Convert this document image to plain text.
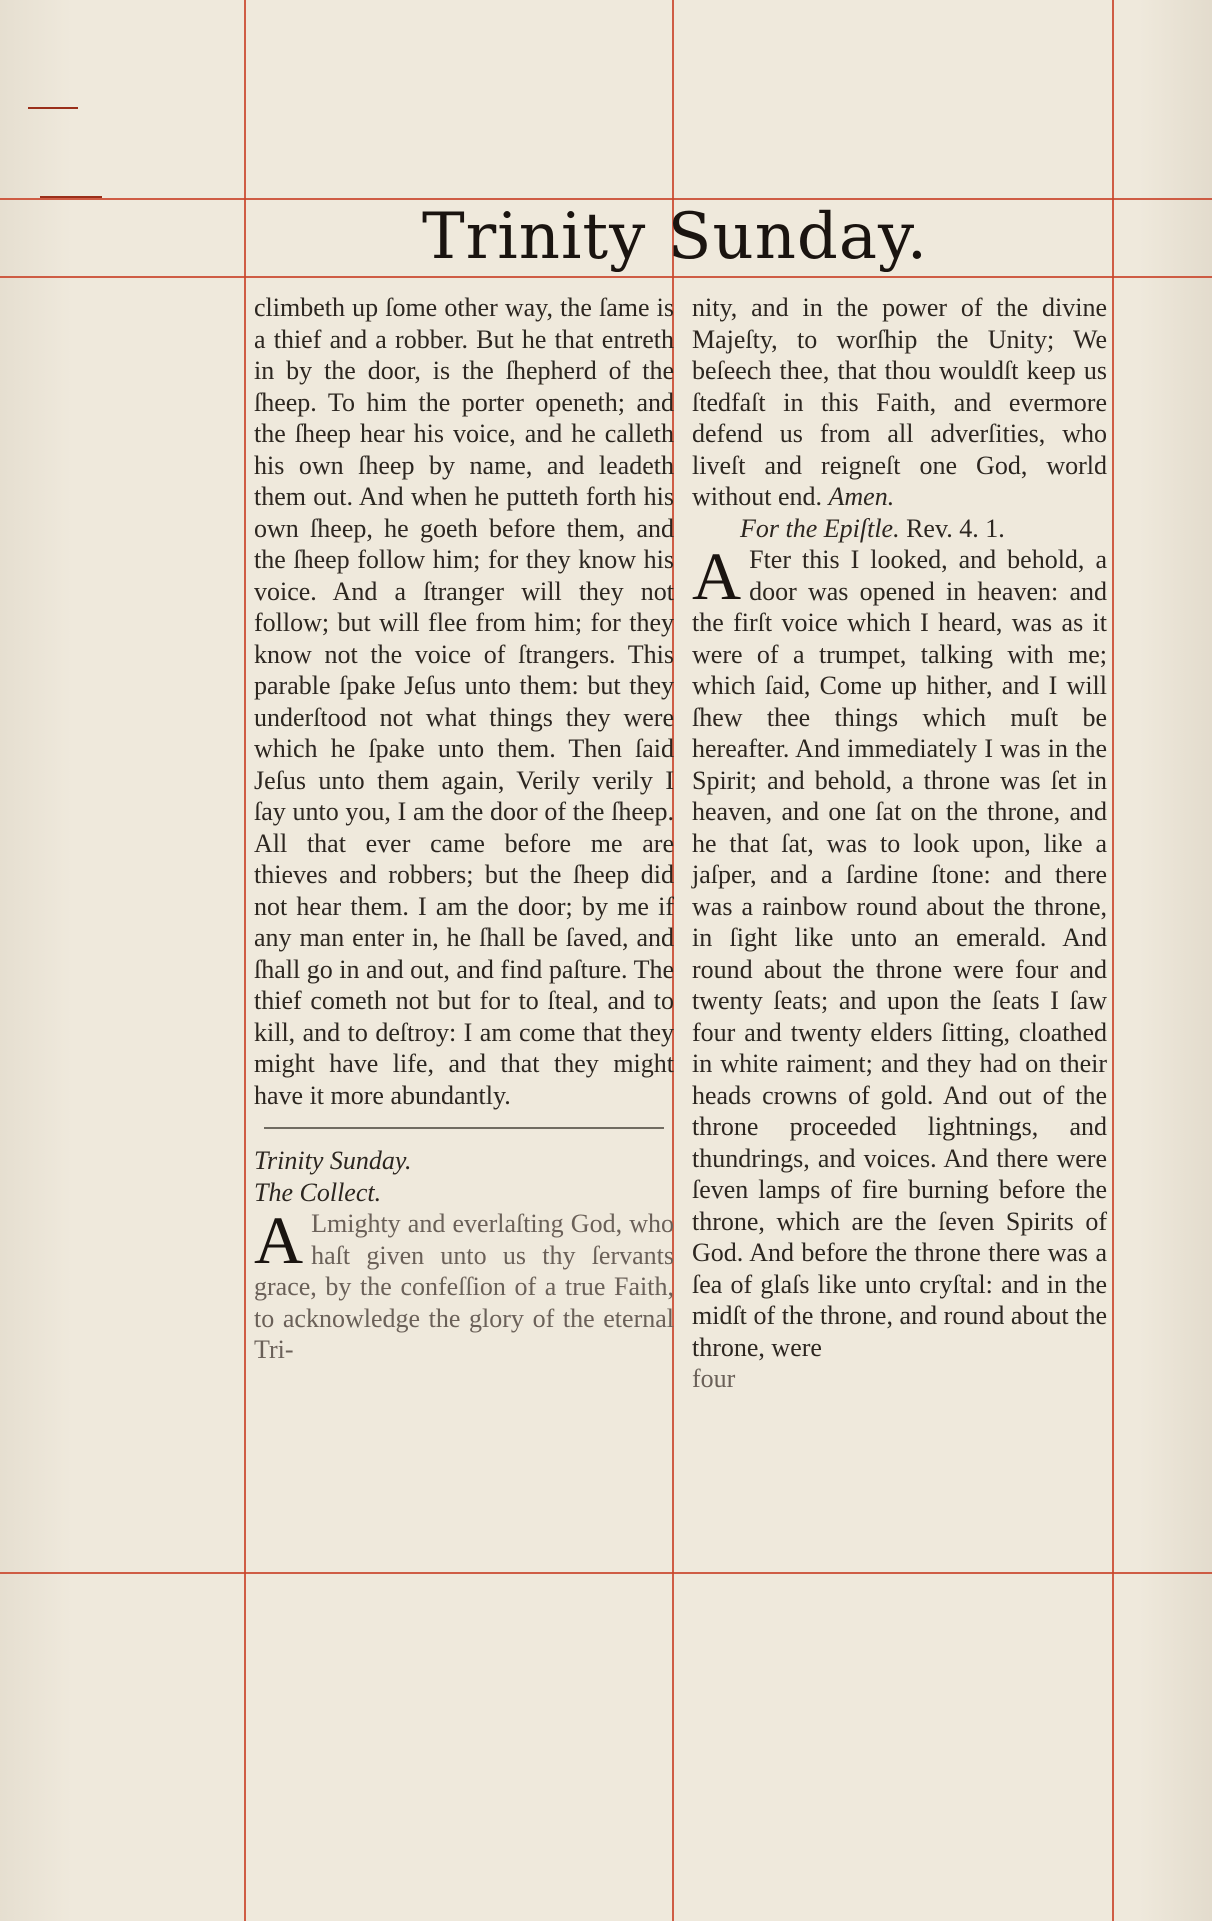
Trinity Sunday.

climbeth up ſome other way, the ſame is a thief and a robber. But he that entreth in by the door, is the ſhepherd of the ſheep. To him the porter openeth; and the ſheep hear his voice, and he calleth his own ſheep by name, and leadeth them out. And when he putteth forth his own ſheep, he goeth before them, and the ſheep follow him; for they know his voice. And a ſtranger will they not follow; but will flee from him; for they know not the voice of ſtrangers. This parable ſpake Jeſus unto them: but they underſtood not what things they were which he ſpake unto them. Then ſaid Jeſus unto them again, Verily verily I ſay unto you, I am the door of the ſheep. All that ever came before me are thieves and robbers; but the ſheep did not hear them. I am the door; by me if any man enter in, he ſhall be ſaved, and ſhall go in and out, and find paſture. The thief cometh not but for to ſteal, and to kill, and to deſtroy: I am come that they might have life, and that they might have it more abundantly.

Trinity Sunday.

The Collect.

A Lmighty and everlaſting God, who haſt given unto us thy ſervants grace, by the confeſſion of a true Faith, to acknowledge the glory of the eternal Tri-

nity, and in the power of the divine Majeſty, to worſhip the Unity; We beſeech thee, that thou wouldſt keep us ſtedfaſt in this Faith, and evermore defend us from all adverſities, who liveſt and reigneſt one God, world without end. Amen.

For the Epiſtle. Rev. 4. 1.

A Fter this I looked, and behold, a door was opened in heaven: and the firſt voice which I heard, was as it were of a trumpet, talking with me; which ſaid, Come up hither, and I will ſhew thee things which muſt be hereafter. And immediately I was in the Spirit; and behold, a throne was ſet in heaven, and one ſat on the throne, and he that ſat, was to look upon, like a jaſper, and a ſardine ſtone: and there was a rainbow round about the throne, in ſight like unto an emerald. And round about the throne were four and twenty ſeats; and upon the ſeats I ſaw four and twenty elders ſitting, cloathed in white raiment; and they had on their heads crowns of gold. And out of the throne proceeded lightnings, and thundrings, and voices. And there were ſeven lamps of fire burning before the throne, which are the ſeven Spirits of God. And before the throne there was a ſea of glaſs like unto cryſtal: and in the midſt of the throne, and round about the throne, were

four
